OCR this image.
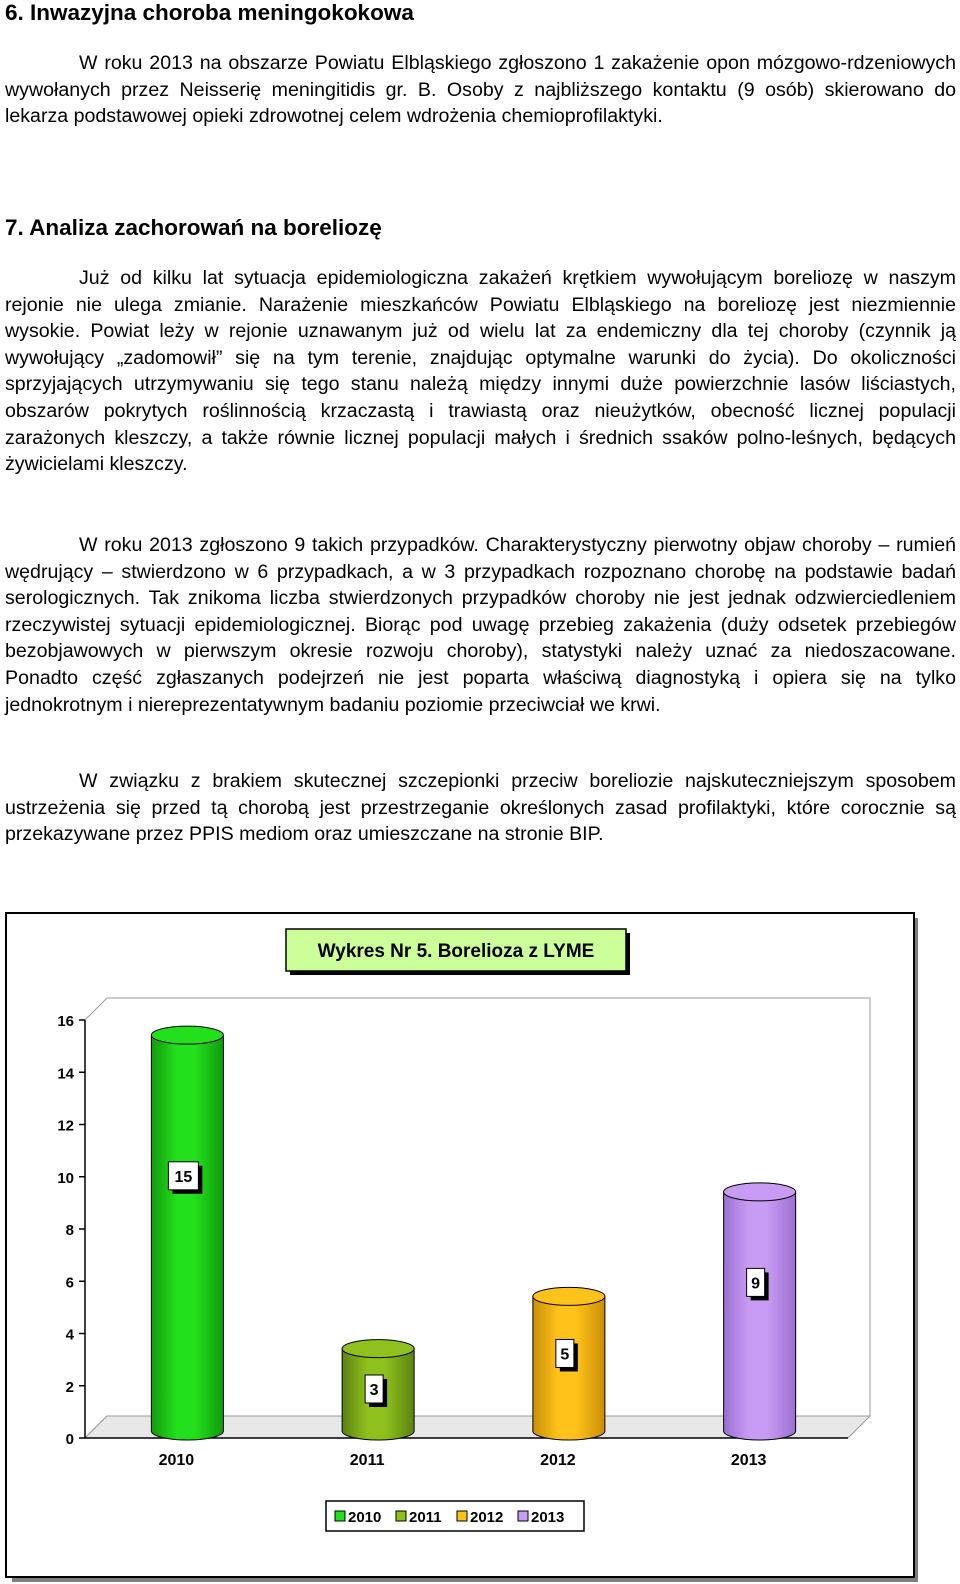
6. Inwazyjna choroba meningokokowa

W roku 2013 na obszarze Powiatu Elbląskiego zgłoszono 1 zakażenie opon mózgowo-rdzeniowych wywołanych przez Neisserię meningitidis gr. B. Osoby z najbliższego kontaktu (9 osób) skierowano do lekarza podstawowej opieki zdrowotnej celem wdrożenia chemioprofilaktyki.

7. Analiza zachorowań na boreliozę

Już od kilku lat sytuacja epidemiologiczna zakażeń krętkiem wywołującym boreliozę w naszym rejonie nie ulega zmianie. Narażenie mieszkańców Powiatu Elbląskiego na boreliozę jest niezmiennie wysokie. Powiat leży w rejonie uznawanym już od wielu lat za endemiczny dla tej choroby (czynnik ją wywołujący „zadomowił” się na tym terenie, znajdując optymalne warunki do życia). Do okoliczności sprzyjających utrzymywaniu się tego stanu należą między innymi duże powierzchnie lasów liściastych, obszarów pokrytych roślinnością krzaczastą i trawiastą oraz nieużytków, obecność licznej populacji zarażonych kleszczy, a także równie licznej populacji małych i średnich ssaków polno-leśnych, będących żywicielami kleszczy.

W roku 2013 zgłoszono 9 takich przypadków. Charakterystyczny pierwotny objaw choroby – rumień wędrujący – stwierdzono w 6 przypadkach, a w 3 przypadkach rozpoznano chorobę na podstawie badań serologicznych. Tak znikoma liczba stwierdzonych przypadków choroby nie jest jednak odzwierciedleniem rzeczywistej sytuacji epidemiologicznej. Biorąc pod uwagę przebieg zakażenia (duży odsetek przebiegów bezobjawowych w pierwszym okresie rozwoju choroby), statystyki należy uznać za niedoszacowane. Ponadto część zgłaszanych podejrzeń nie jest poparta właściwą diagnostyką i opiera się na tylko jednokrotnym i niereprezentatywnym badaniu poziomie przeciwciał we krwi.

W związku z brakiem skutecznej szczepionki przeciw boreliozie najskuteczniejszym sposobem ustrzeżenia się przed tą chorobą jest przestrzeganie określonych zasad profilaktyki, które corocznie są przekazywane przez PPIS mediom oraz umieszczane na stronie BIP.

Wykres Nr 5. Borelioza z LYME
0
2
4
6
8
10
12
14
16
15
2010
3
2011
5
2012
9
2013
2010 2011 2012 2013
